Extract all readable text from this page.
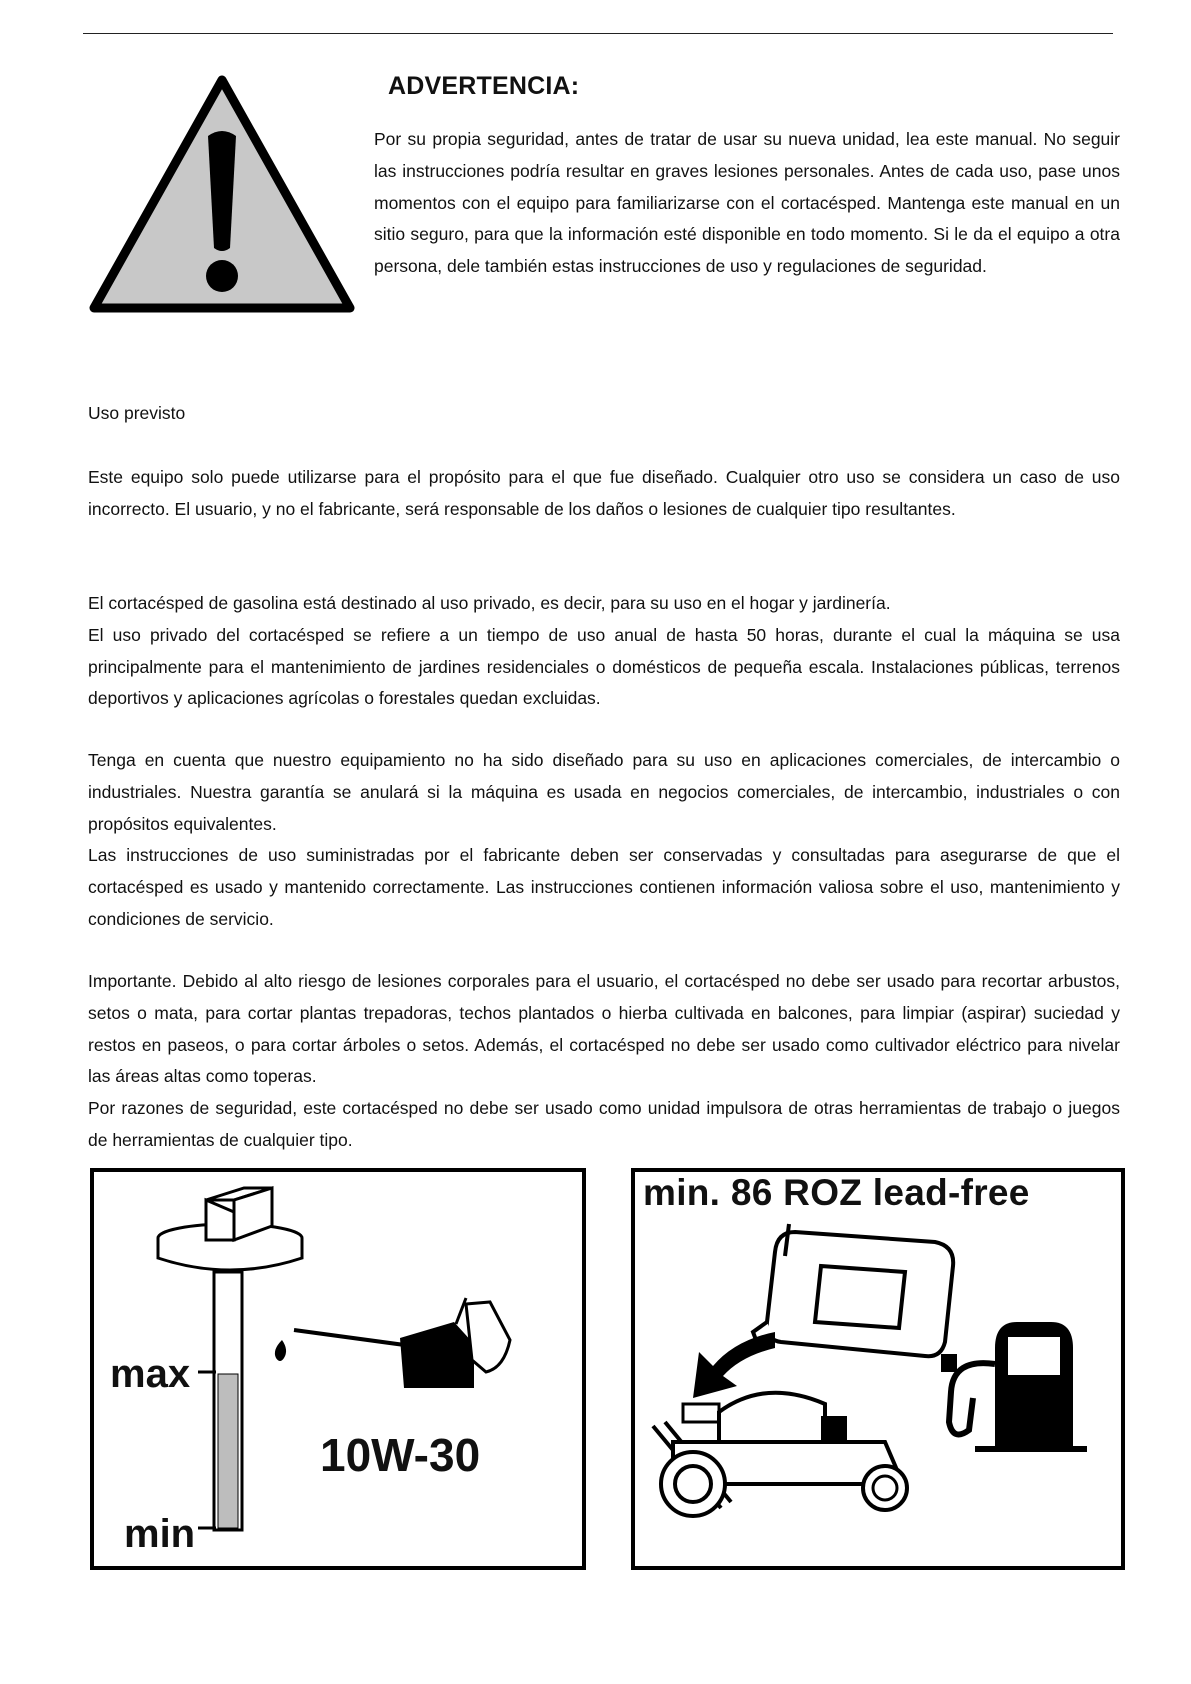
ADVERTENCIA:
Por su propia seguridad, antes de tratar de usar su nueva unidad, lea este manual. No seguir las instrucciones podría resultar en graves lesiones personales. Antes de cada uso, pase unos momentos con el equipo para familiarizarse con el cortacésped. Mantenga este manual en un sitio seguro, para que la información esté disponible en todo momento. Si le da el equipo a otra persona, dele también estas instrucciones de uso y regulaciones de seguridad.
Uso previsto

Este equipo solo puede utilizarse para el propósito para el que fue diseñado. Cualquier otro uso se considera un caso de uso incorrecto. El usuario, y no el fabricante, será responsable de los daños o lesiones de cualquier tipo resultantes.

El cortacésped de gasolina está destinado al uso privado, es decir, para su uso en el hogar y jardinería.

El uso privado del cortacésped se refiere a un tiempo de uso anual de hasta 50 horas, durante el cual la máquina se usa principalmente para el mantenimiento de jardines residenciales o domésticos de pequeña escala. Instalaciones públicas, terrenos deportivos y aplicaciones agrícolas o forestales quedan excluidas.

Tenga en cuenta que nuestro equipamiento no ha sido diseñado para su uso en aplicaciones comerciales, de intercambio o industriales. Nuestra garantía se anulará si la máquina es usada en negocios comerciales, de intercambio, industriales o con propósitos equivalentes.

Las instrucciones de uso suministradas por el fabricante deben ser conservadas y consultadas para asegurarse de que el cortacésped es usado y mantenido correctamente. Las instrucciones contienen información valiosa sobre el uso, mantenimiento y condiciones de servicio.

Importante. Debido al alto riesgo de lesiones corporales para el usuario, el cortacésped no debe ser usado para recortar arbustos, setos o mata, para cortar plantas trepadoras, techos plantados o hierba cultivada en balcones, para limpiar (aspirar) suciedad y restos en paseos, o para cortar árboles o setos. Además, el cortacésped no debe ser usado como cultivador eléctrico para nivelar las áreas altas como toperas.

Por razones de seguridad, este cortacésped no debe ser usado como unidad impulsora de otras herramientas de trabajo o juegos de herramientas de cualquier tipo.

max
min
10W-30
min. 86 ROZ lead-free
